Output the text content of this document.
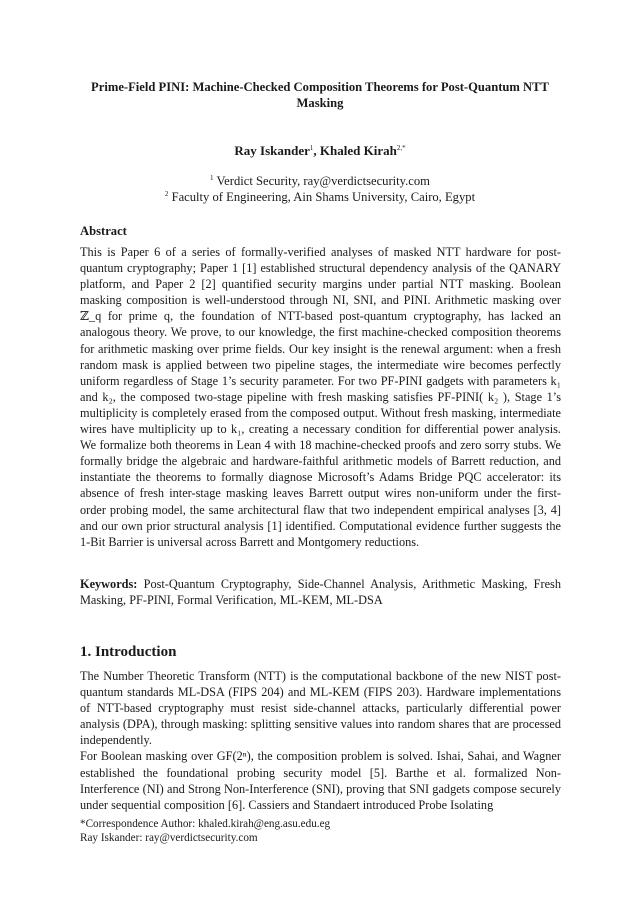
Prime-Field PINI: Machine-Checked Composition Theorems for Post-Quantum NTT Masking
Ray Iskander$^1$, Khaled Kirah$^{2,*}$
$^1$ Verdict Security, ray@verdictsecurity.com
$^2$ Faculty of Engineering, Ain Shams University, Cairo, Egypt
Abstract

This is Paper 6 of a series of formally-verified analyses of masked NTT hardware for post-quantum cryptography; Paper 1 [1] established structural dependency analysis of the QANARY platform, and Paper 2 [2] quantified security margins under partial NTT masking. Boolean masking composition is well-understood through NI, SNI, and PINI. Arithmetic masking over ℤ_q for prime q, the foundation of NTT-based post-quantum cryptography, has lacked an analogous theory. We prove, to our knowledge, the first machine-checked composition theorems for arithmetic masking over prime fields. Our key insight is the renewal argument: when a fresh random mask is applied between two pipeline stages, the intermediate wire becomes perfectly uniform regardless of Stage 1’s security parameter. For two PF-PINI gadgets with parameters k₁ and k₂, the composed two-stage pipeline with fresh masking satisfies PF-PINI( k₂ ), Stage 1’s multiplicity is completely erased from the composed output. Without fresh masking, intermediate wires have multiplicity up to k₁, creating a necessary condition for differential power analysis. We formalize both theorems in Lean 4 with 18 machine-checked proofs and zero sorry stubs. We formally bridge the algebraic and hardware-faithful arithmetic models of Barrett reduction, and instantiate the theorems to formally diagnose Microsoft’s Adams Bridge PQC accelerator: its absence of fresh inter-stage masking leaves Barrett output wires non-uniform under the first-order probing model, the same architectural flaw that two independent empirical analyses [3, 4] and our own prior structural analysis [1] identified. Computational evidence further suggests the 1-Bit Barrier is universal across Barrett and Montgomery reductions.

Keywords: Post-Quantum Cryptography, Side-Channel Analysis, Arithmetic Masking, Fresh Masking, PF-PINI, Formal Verification, ML-KEM, ML-DSA

1. Introduction

The Number Theoretic Transform (NTT) is the computational backbone of the new NIST post-quantum standards ML-DSA (FIPS 204) and ML-KEM (FIPS 203). Hardware implementations of NTT-based cryptography must resist side-channel attacks, particularly differential power analysis (DPA), through masking: splitting sensitive values into random shares that are processed independently.

For Boolean masking over GF(2ⁿ), the composition problem is solved. Ishai, Sahai, and Wagner established the foundational probing security model [5]. Barthe et al. formalized Non-Interference (NI) and Strong Non-Interference (SNI), proving that SNI gadgets compose securely under sequential composition [6]. Cassiers and Standaert introduced Probe Isolating

*Correspondence Author: khaled.kirah@eng.asu.edu.eg
Ray Iskander: ray@verdictsecurity.com
